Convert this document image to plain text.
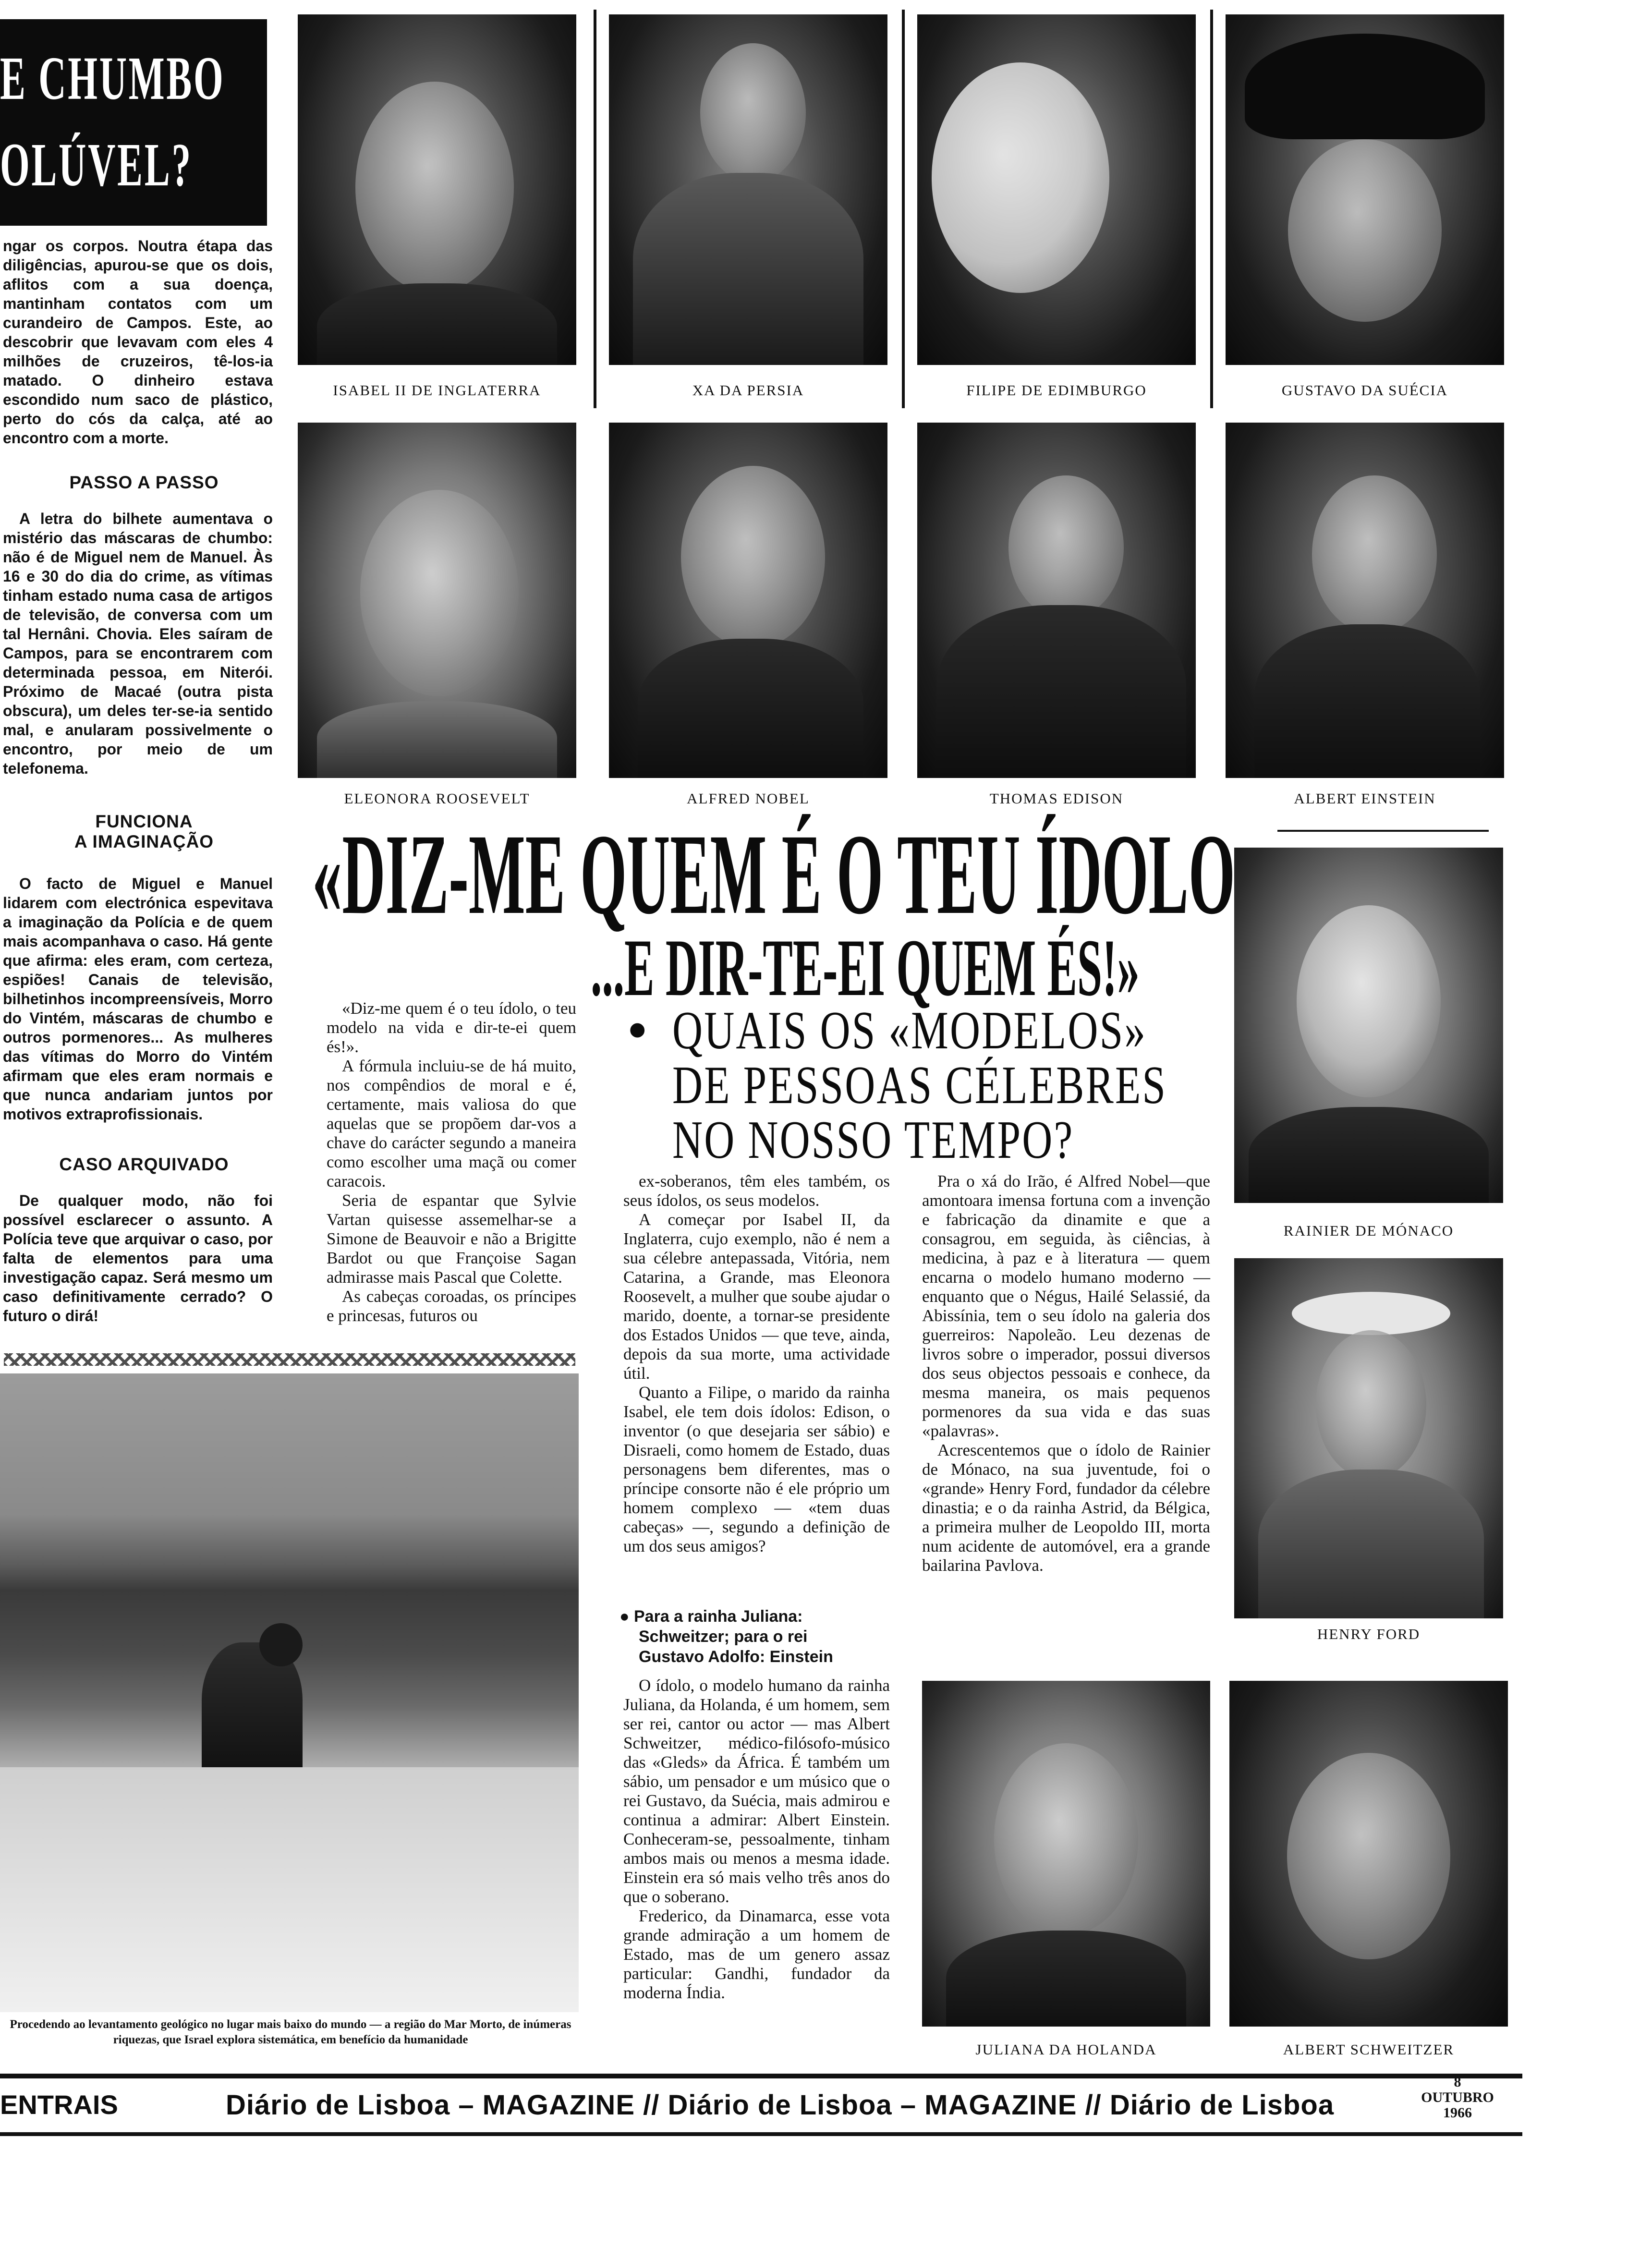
E CHUMBO
OLÚVEL?

ngar os corpos. Noutra étapa das diligências, apurou-se que os dois, aflitos com a sua doença, mantinham contatos com um curandeiro de Campos. Este, ao descobrir que levavam com eles 4 milhões de cruzeiros, tê-los-ia matado. O dinheiro estava escondido num saco de plástico, perto do cós da calça, até ao encontro com a morte.

PASSO A PASSO

A letra do bilhete aumentava o mistério das máscaras de chumbo: não é de Miguel nem de Manuel. Às 16 e 30 do dia do crime, as vítimas tinham estado numa casa de artigos de televisão, de conversa com um tal Hernâni. Chovia. Eles saíram de Campos, para se encontrarem com determinada pessoa, em Niterói. Próximo de Macaé (outra pista obscura), um deles ter-se-ia sentido mal, e anularam possivelmente o encontro, por meio de um telefonema.

FUNCIONA
A IMAGINAÇÃO

O facto de Miguel e Manuel lidarem com electrónica espevitava a imaginação da Polícia e de quem mais acompanhava o caso. Há gente que afirma: eles eram, com certeza, espiões! Canais de televisão, bilhetinhos incompreensíveis, Morro do Vintém, máscaras de chumbo e outros pormenores... As mulheres das vítimas do Morro do Vintém afirmam que eles eram normais e que nunca andariam juntos por motivos extraprofissionais.

CASO ARQUIVADO

De qualquer modo, não foi possível esclarecer o assunto. A Polícia teve que arquivar o caso, por falta de elementos para uma investigação capaz. Será mesmo um caso definitivamente cerrado? O futuro o dirá!

ISABEL II DE INGLATERRA	XA DA PERSIA	FILIPE DE EDIMBURGO	GUSTAVO DA SUÉCIA
ELEONORA ROOSEVELT	ALFRED NOBEL	THOMAS EDISON	ALBERT EINSTEIN
RAINIER DE MÓNACO
HENRY FORD
JULIANA DA HOLANDA	ALBERT SCHWEITZER
«DIZ-ME QUEM É O TEU ÍDOLO
...E DIR-TE-EI QUEM ÉS!»
• QUAIS OS «MODELOS»
DE PESSOAS CÉLEBRES
NO NOSSO TEMPO?

«Diz-me quem é o teu ídolo, o teu modelo na vida e dir-te-ei quem és!».

A fórmula incluiu-se de há muito, nos compêndios de moral e é, certamente, mais valiosa do que aquelas que se propõem dar-vos a chave do carácter segundo a maneira como escolher uma maçã ou comer caracois.

Seria de espantar que Sylvie Vartan quisesse assemelhar-se a Simone de Beauvoir e não a Brigitte Bardot ou que Françoise Sagan admirasse mais Pascal que Colette.

As cabeças coroadas, os príncipes e princesas, futuros ou

ex-soberanos, têm eles também, os seus ídolos, os seus modelos.

A começar por Isabel II, da Inglaterra, cujo exemplo, não é nem a sua célebre antepassada, Vitória, nem Catarina, a Grande, mas Eleonora Roosevelt, a mulher que soube ajudar o marido, doente, a tornar-se presidente dos Estados Unidos — que teve, ainda, depois da sua morte, uma actividade útil.

Quanto a Filipe, o marido da rainha Isabel, ele tem dois ídolos: Edison, o inventor (o que desejaria ser sábio) e Disraeli, como homem de Estado, duas personagens bem diferentes, mas o príncipe consorte não é ele próprio um homem complexo — «tem duas cabeças» —, segundo a definição de um dos seus amigos?

● Para a rainha Juliana:
Schweitzer; para o rei
Gustavo Adolfo: Einstein

O ídolo, o modelo humano da rainha Juliana, da Holanda, é um homem, sem ser rei, cantor ou actor — mas Albert Schweitzer, médico-filósofo-músico das «Gleds» da África. É também um sábio, um pensador e um músico que o rei Gustavo, da Suécia, mais admirou e continua a admirar: Albert Einstein. Conheceram-se, pessoalmente, tinham ambos mais ou menos a mesma idade. Einstein era só mais velho três anos do que o soberano.

Frederico, da Dinamarca, esse vota grande admiração a um homem de Estado, mas de um genero assaz particular: Gandhi, fundador da moderna Índia.

Pra o xá do Irão, é Alfred Nobel—que amontoara imensa fortuna com a invenção e fabricação da dinamite e que a consagrou, em seguida, às ciências, à medicina, à paz e à literatura — quem encarna o modelo humano moderno — enquanto que o Négus, Hailé Selassié, da Abissínia, tem o seu ídolo na galeria dos guerreiros: Napoleão. Leu dezenas de livros sobre o imperador, possui diversos dos seus objectos pessoais e conhece, da mesma maneira, os mais pequenos pormenores da sua vida e das suas «palavras».

Acrescentemos que o ídolo de Rainier de Mónaco, na sua juventude, foi o «grande» Henry Ford, fundador da célebre dinastia; e o da rainha Astrid, da Bélgica, a primeira mulher de Leopoldo III, morta num acidente de automóvel, era a grande bailarina Pavlova.

Procedendo ao levantamento geológico no lugar mais baixo do mundo — a região do Mar Morto, de inúmeras riquezas, que Israel explora sistemática, em benefício da humanidade
ENTRAIS	Diário de Lisboa – MAGAZINE // Diário de Lisboa – MAGAZINE // Diário de Lisboa
8
OUTUBRO
1966
